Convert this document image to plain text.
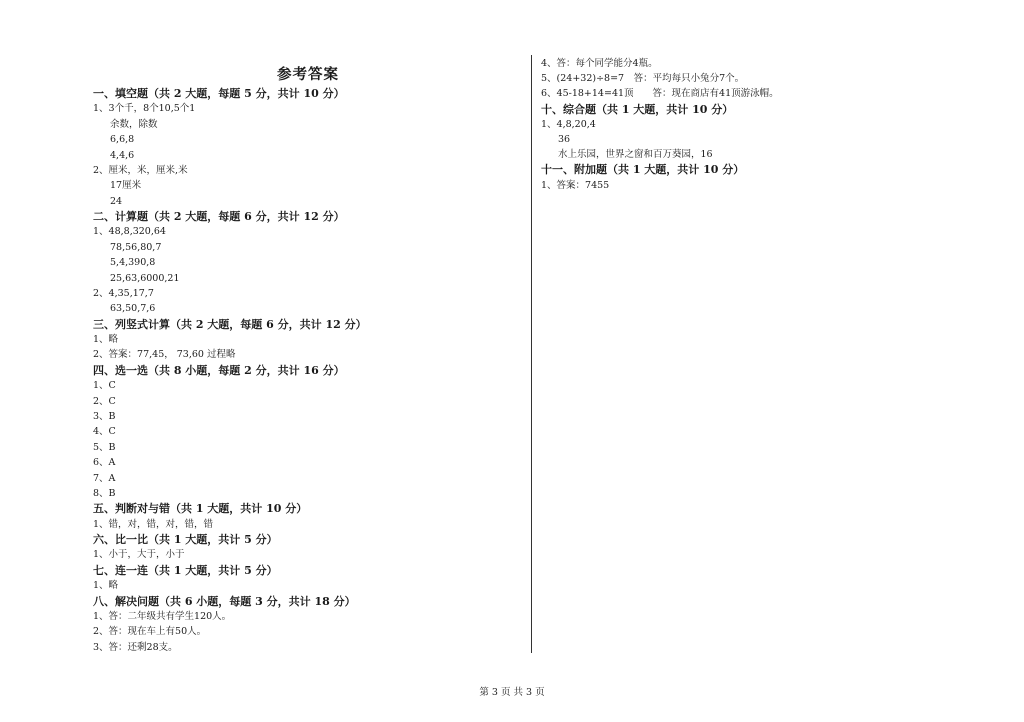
参考答案
一、填空题（共 2 大题，每题 5 分，共计 10 分）
1、3个千，8个10,5个1
余数，除数
6,6,8
4,4,6
2、厘米，米，厘米,米
17厘米
24
二、计算题（共 2 大题，每题 6 分，共计 12 分）
1、48,8,320,64
78,56,80,7
5,4,390,8
25,63,6000,21
2、4,35,17,7
63,50,7,6
三、列竖式计算（共 2 大题，每题 6 分，共计 12 分）
1、略
2、答案：77,45， 73,60 过程略
四、选一选（共 8 小题，每题 2 分，共计 16 分）
1、C
2、C
3、B
4、C
5、B
6、A
7、A
8、B
五、判断对与错（共 1 大题，共计 10 分）
1、错，对，错，对，错，错
六、比一比（共 1 大题，共计 5 分）
1、小于，大于，小于
七、连一连（共 1 大题，共计 5 分）
1、略
八、解决问题（共 6 小题，每题 3 分，共计 18 分）
1、答：二年级共有学生120人。
2、答：现在车上有50人。
3、答：还剩28支。
4、答：每个同学能分4瓶。
5、(24+32)÷8=7　答：平均每只小兔分7个。
6、45-18+14=41顶　　答：现在商店有41顶游泳帽。
十、综合题（共 1 大题，共计 10 分）
1、4,8,20,4
36
水上乐园，世界之窗和百万葵园，16
十一、附加题（共 1 大题，共计 10 分）
1、答案：7455
第 3 页 共 3 页
